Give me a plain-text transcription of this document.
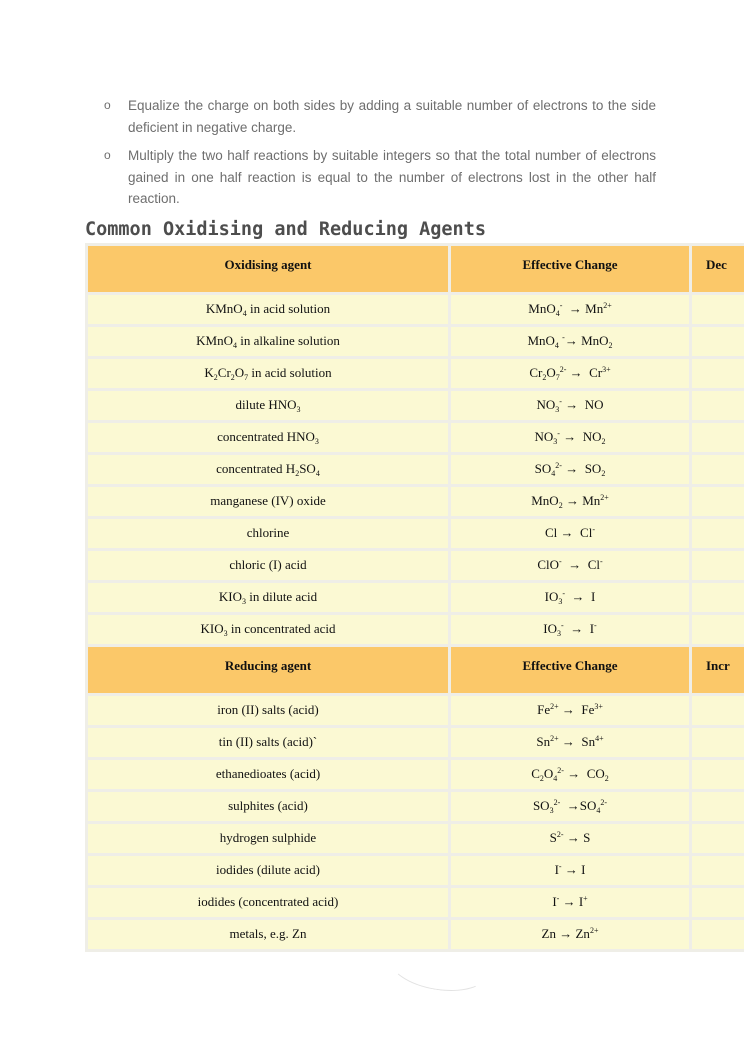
o	Equalize the charge on both sides by adding a suitable number of electrons to the side deficient in negative charge.
o	Multiply the two half reactions by suitable integers so that the total number of electrons gained in one half reaction is equal to the number of electrons lost in the other half reaction.
Common Oxidising and Reducing Agents
Oxidising agent	Effective Change	Dec
KMnO$_4$ in acid solution	$MnO_4^- \to Mn^{2+}$	
KMnO$_4$ in alkaline solution	MnO$_4$ -→ MnO$_2$	
$K_2Cr_2O_7$ in acid solution	$Cr_2O_7^{2-} \to Cr^{3+}$	
dilute $HNO_3$	$NO_3^-$ →  NO	
concentrated $HNO_3$	$NO_3^- \to NO_2$	
concentrated $H_2SO_4$	$SO_4^{2-} \to SO_2$	
manganese (IV) oxide	$MnO_2 \to Mn^{2+}$	
chlorine	Cl →  Cl-	
chloric (I) acid	ClO-  →  Cl-	
$KIO_3$ in dilute acid	$IO_3^- \to I$	
$KIO_3$ in concentrated acid	$IO_3^- \to I^-$	
Reducing agent	Effective Change	Incr
iron (II) salts (acid)	$Fe^{2+} \to Fe^{3+}$	
tin (II) salts (acid)`	$Sn^{2+} \to Sn^{4+}$	
ethanedioates (acid)	$C_2O_4^{2-} \to CO_2$	
sulphites (acid)	$SO_3^{2-} \to SO_4^{2-}$	
hydrogen sulphide	$S^{2-} \to S$	
iodides (dilute acid)	I- → I	
iodides (concentrated acid)	I- → I+	
metals, e.g. Zn	$Zn \to Zn^{2+}$	
